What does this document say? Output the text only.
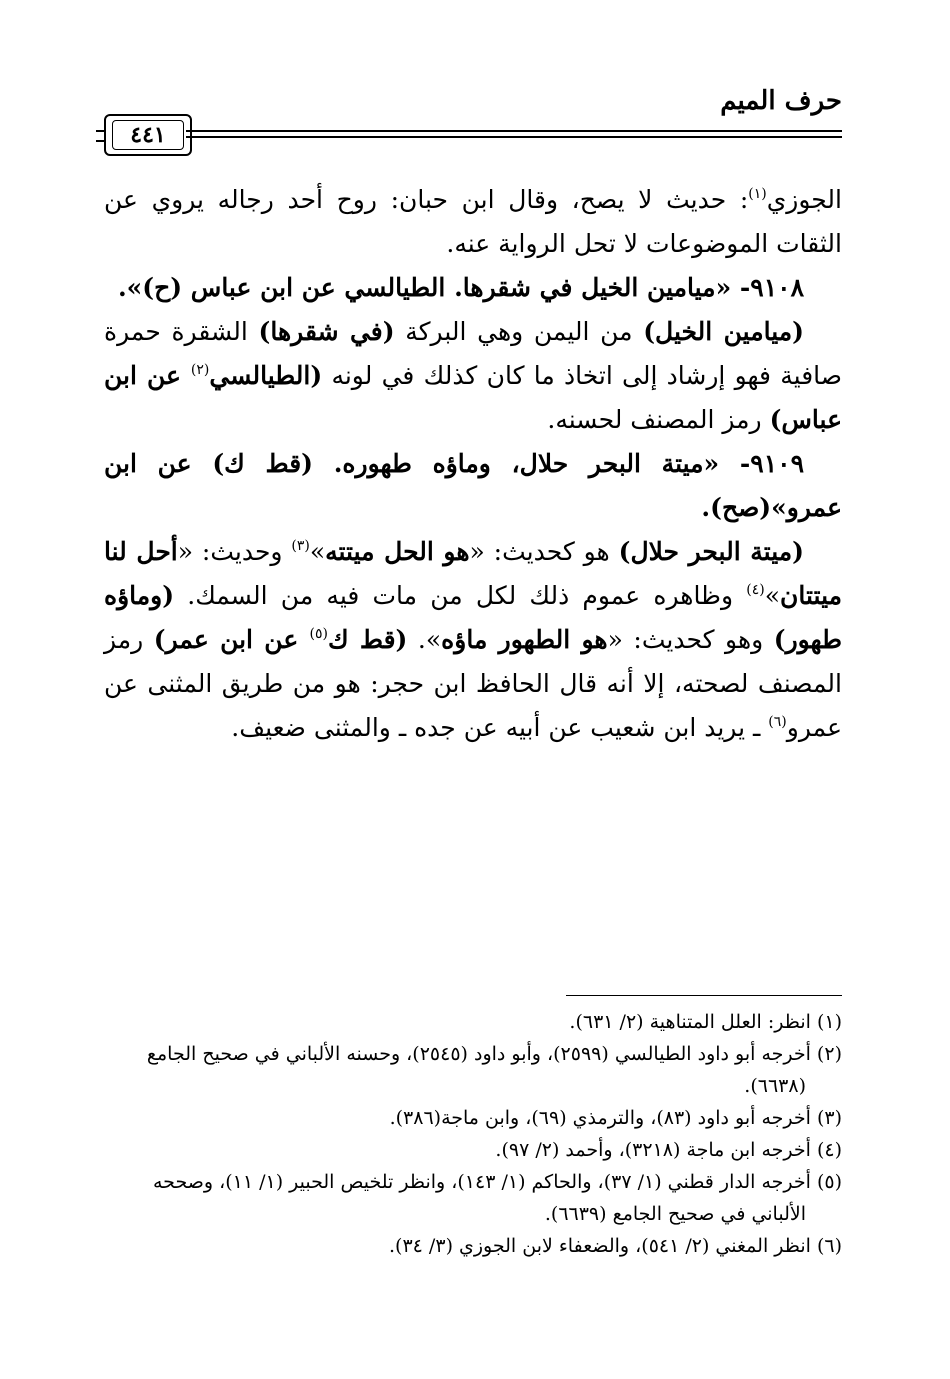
حرف الميم
٤٤١

الجوزي$^{(١)}$: حديث لا يصح، وقال ابن حبان: روح أحد رجاله يروي عن الثقات الموضوعات لا تحل الرواية عنه.

٩١٠٨- «ميامين الخيل في شقرها. الطيالسي عن ابن عباس (ح)».

(ميامين الخيل) من اليمن وهي البركة (في شقرها) الشقرة حمرة صافية فهو إرشاد إلى اتخاذ ما كان كذلك في لونه (الطيالسي$^{(٢)}$ عن ابن عباس) رمز المصنف لحسنه.

٩١٠٩- «ميتة البحر حلال، وماؤه طهوره. (قط ك) عن ابن عمرو»(صح).

(ميتة البحر حلال) هو كحديث: «هو الحل ميتته»$^{(٣)}$ وحديث: «أحل لنا ميتتان»$^{(٤)}$ وظاهره عموم ذلك لكل من مات فيه من السمك. (وماؤه طهور) وهو كحديث: «هو الطهور ماؤه». (قط ك$^{(٥)}$ عن ابن عمر) رمز المصنف لصحته، إلا أنه قال الحافظ ابن حجر: هو من طريق المثنى عن عمرو$^{(٦)}$ ـ يريد ابن شعيب عن أبيه عن جده ـ والمثنى ضعيف.

(١) انظر: العلل المتناهية (٢/ ٦٣١).

(٢) أخرجه أبو داود الطيالسي (٢٥٩٩)، وأبو داود (٢٥٤٥)، وحسنه الألباني في صحيح الجامع

(٦٦٣٨).

(٣) أخرجه أبو داود (٨٣)، والترمذي (٦٩)، وابن ماجة(٣٨٦).

(٤) أخرجه ابن ماجة (٣٢١٨)، وأحمد (٢/ ٩٧).

(٥) أخرجه الدار قطني (١/ ٣٧)، والحاكم (١/ ١٤٣)، وانظر تلخيص الحبير (١/ ١١)، وصححه

الألباني في صحيح الجامع (٦٦٣٩).

(٦) انظر المغني (٢/ ٥٤١)، والضعفاء لابن الجوزي (٣/ ٣٤).
